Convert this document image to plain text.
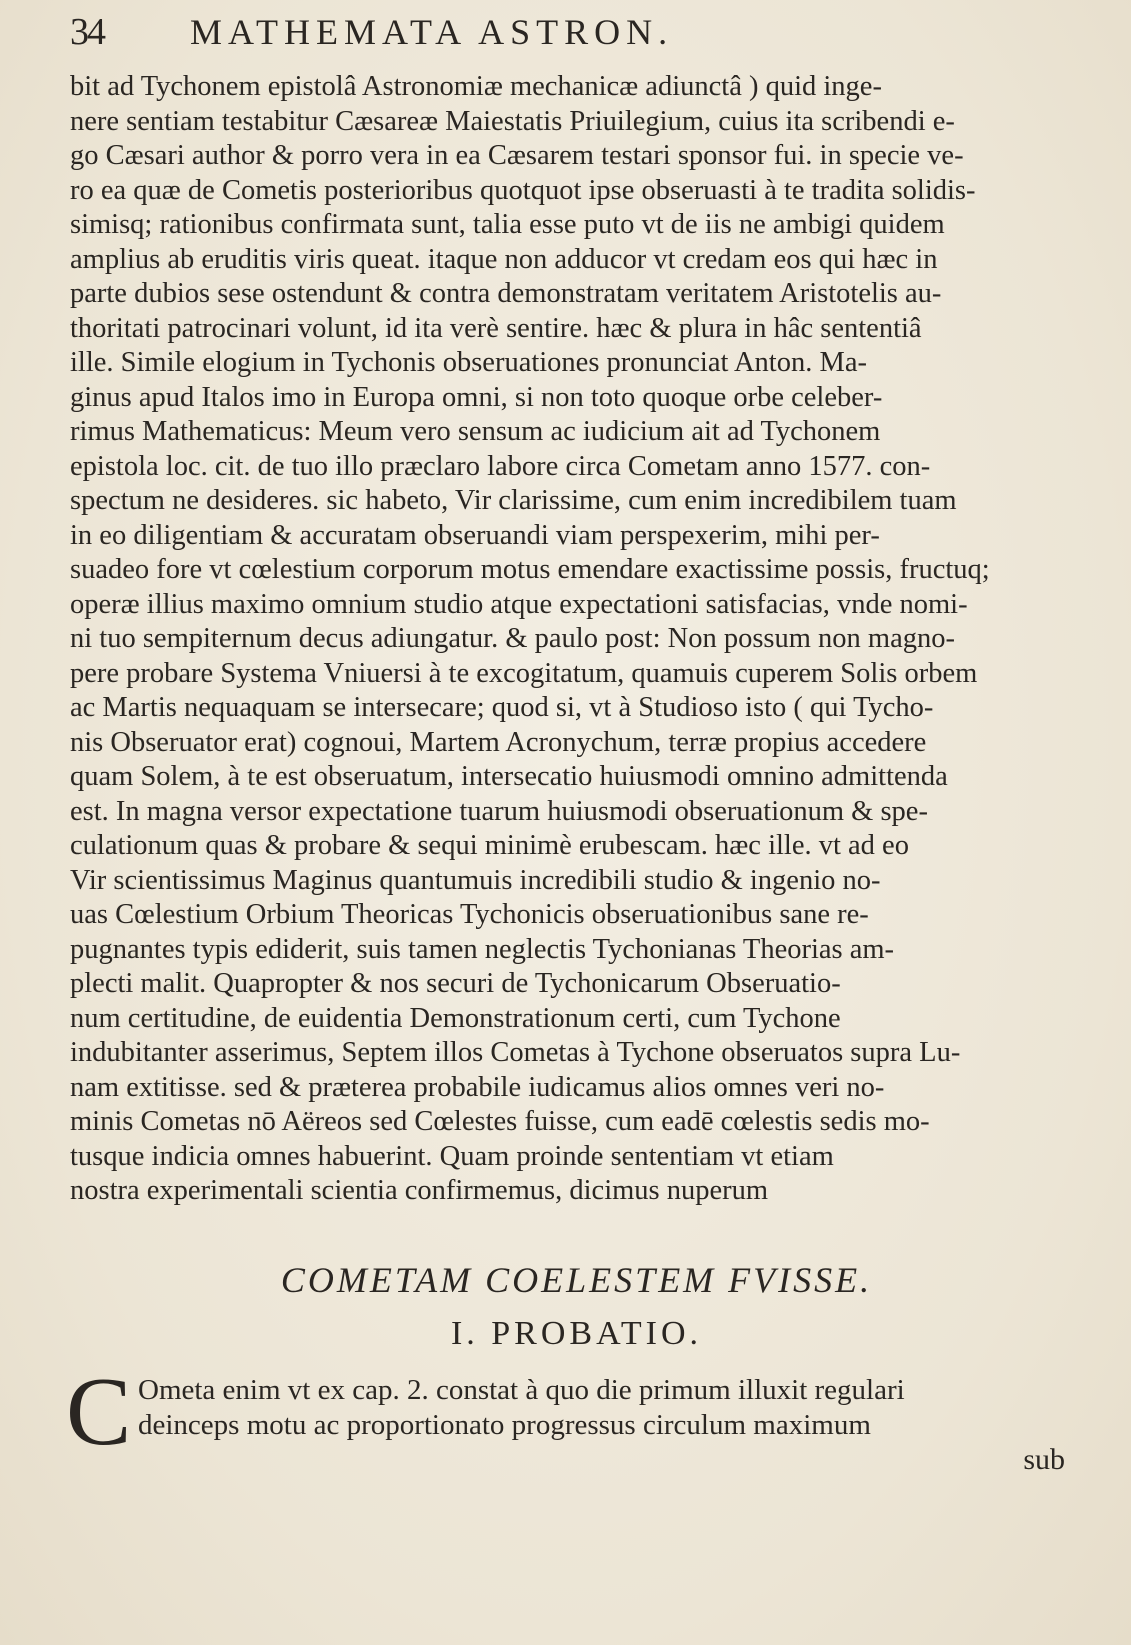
34	MATHEMATA ASTRON.
bit ad Tychonem epistolâ Astronomiæ mechanicæ adiunctâ ) quid inge-
nere sentiam testabitur Cæsareæ Maiestatis Priuilegium, cuius ita scribendi e-
go Cæsari author & porro vera in ea Cæsarem testari sponsor fui. in specie ve-
ro ea quæ de Cometis posterioribus quotquot ipse obseruasti à te tradita solidis-
simisq; rationibus confirmata sunt, talia esse puto vt de iis ne ambigi quidem
amplius ab eruditis viris queat. itaque non adducor vt credam eos qui hæc in
parte dubios sese ostendunt & contra demonstratam veritatem Aristotelis au-
thoritati patrocinari volunt, id ita verè sentire. hæc & plura in hâc sententiâ
ille. Simile elogium in Tychonis obseruationes pronunciat Anton. Ma-
ginus apud Italos imo in Europa omni, si non toto quoque orbe celeber-
rimus Mathematicus: Meum vero sensum ac iudicium ait ad Tychonem
epistola loc. cit. de tuo illo præclaro labore circa Cometam anno 1577. con-
spectum ne desideres. sic habeto, Vir clarissime, cum enim incredibilem tuam
in eo diligentiam & accuratam obseruandi viam perspexerim, mihi per-
suadeo fore vt cœlestium corporum motus emendare exactissime possis, fructuq;
operæ illius maximo omnium studio atque expectationi satisfacias, vnde nomi-
ni tuo sempiternum decus adiungatur. & paulo post: Non possum non magno-
pere probare Systema Vniuersi à te excogitatum, quamuis cuperem Solis orbem
ac Martis nequaquam se intersecare; quod si, vt à Studioso isto ( qui Tycho-
nis Obseruator erat) cognoui, Martem Acronychum, terræ propius accedere
quam Solem, à te est obseruatum, intersecatio huiusmodi omnino admittenda
est. In magna versor expectatione tuarum huiusmodi obseruationum & spe-
culationum quas & probare & sequi minimè erubescam. hæc ille. vt ad eo
Vir scientissimus Maginus quantumuis incredibili studio & ingenio no-
uas Cœlestium Orbium Theoricas Tychonicis obseruationibus sane re-
pugnantes typis ediderit, suis tamen neglectis Tychonianas Theorias am-
plecti malit. Quapropter & nos securi de Tychonicarum Obseruatio-
num certitudine, de euidentia Demonstrationum certi, cum Tychone
indubitanter asserimus, Septem illos Cometas à Tychone obseruatos supra Lu-
nam extitisse. sed & præterea probabile iudicamus alios omnes veri no-
minis Cometas nō Aëreos sed Cœlestes fuisse, cum eadē cœlestis sedis mo-
tusque indicia omnes habuerint. Quam proinde sententiam vt etiam
nostra experimentali scientia confirmemus, dicimus nuperum
COMETAM COELESTEM FVISSE.
I. PROBATIO.
C Ometa enim vt ex cap. 2. constat à quo die primum illuxit regulari
deinceps motu ac proportionato progressus circulum maximum
sub
